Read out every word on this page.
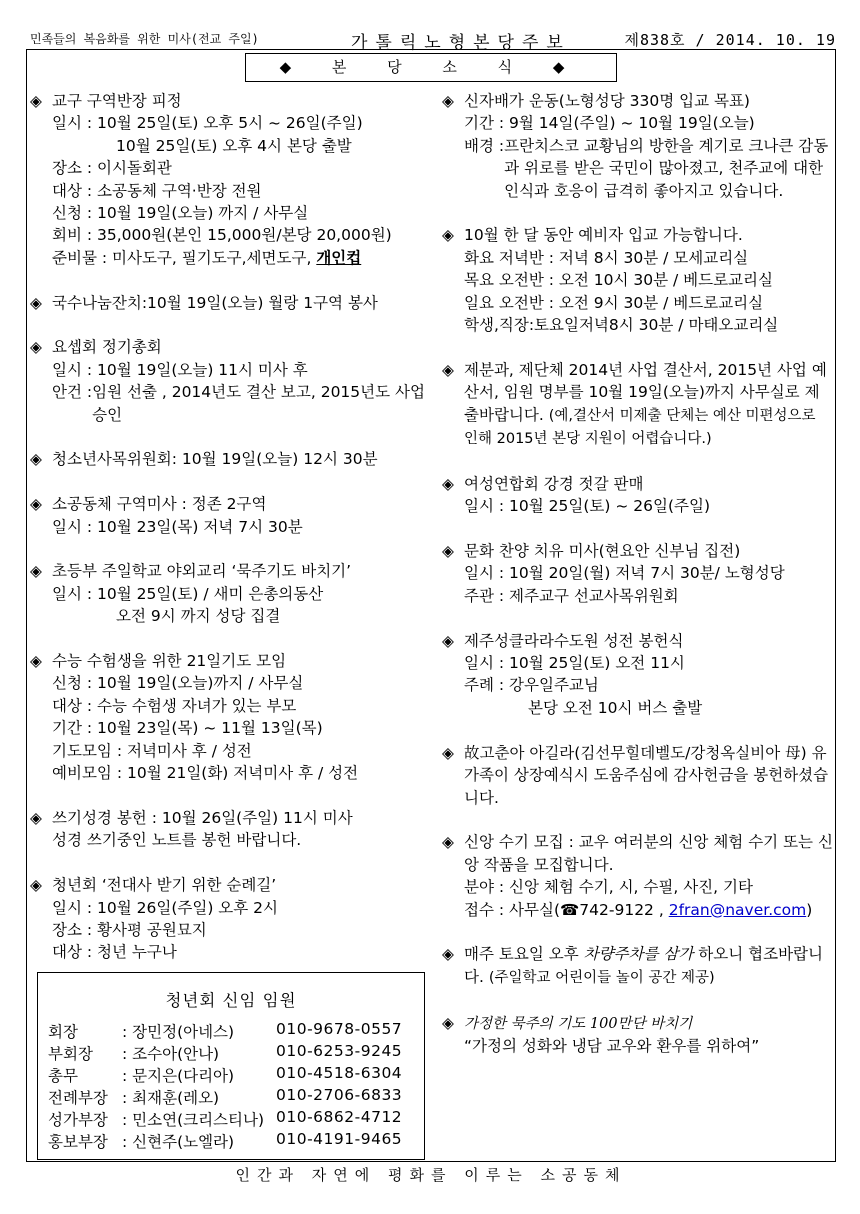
민족들의 복음화를 위한 미사(전교 주일)	가톨릭노형본당주보	제838호 / 2014. 10. 19
◆ 본 당 소 식 ◆
◈ 교구 구역반장 피정
일시 : 10월 25일(토) 오후 5시 ~ 26일(주일)
10월 25일(토) 오후 4시 본당 출발
장소 : 이시돌회관
대상 : 소공동체 구역·반장 전원
신청 : 10월 19일(오늘) 까지 / 사무실
회비 : 35,000원(본인 15,000원/본당 20,000원)
준비물 : 미사도구, 필기도구,세면도구, 개인컵
◈ 국수나눔잔치:10월 19일(오늘) 월랑 1구역 봉사
◈ 요셉회 정기총회
일시 : 10월 19일(오늘) 11시 미사 후
안건 : 임원 선출 , 2014년도 결산 보고, 2015년도 사업 승인
◈ 청소년사목위원회: 10월 19일(오늘) 12시 30분
◈ 소공동체 구역미사 : 정존 2구역
일시 : 10월 23일(목) 저녁 7시 30분
◈ 초등부 주일학교 야외교리 ‘묵주기도 바치기’
일시 : 10월 25일(토) / 새미 은총의동산
오전 9시 까지 성당 집결
◈ 수능 수험생을 위한 21일기도 모임
신청 : 10월 19일(오늘)까지 / 사무실
대상 : 수능 수험생 자녀가 있는 부모
기간 : 10월 23일(목) ~ 11월 13일(목)
기도모임 : 저녁미사 후 / 성전
예비모임 : 10월 21일(화) 저녁미사 후 / 성전
◈ 쓰기성경 봉헌 : 10월 26일(주일) 11시 미사
성경 쓰기중인 노트를 봉헌 바랍니다.
◈ 청년회 ‘전대사 받기 위한 순례길’
일시 : 10월 26일(주일) 오후 2시
장소 : 황사평 공원묘지
대상 : 청년 누구나
청년회 신임 임원
회장	: 장민정(아네스)	010-9678-0557
부회장 : 조수아(안나)	010-6253-9245
총무	: 문지은(다리아)	010-4518-6304
전례부장 : 최재훈(레오)	010-2706-6833
성가부장 : 민소연(크리스티나) 010-6862-4712
홍보부장 : 신현주(노엘라)	010-4191-9465
◈ 신자배가 운동(노형성당 330명 입교 목표)
기간 : 9월 14일(주일) ~ 10월 19일(오늘)
배경 : 프란치스코 교황님의 방한을 계기로 크나큰 감동과 위로를 받은 국민이 많아졌고, 천주교에 대한 인식과 호응이 급격히 좋아지고 있습니다.
◈ 10월 한 달 동안 예비자 입교 가능합니다.
화요 저녁반 : 저녁 8시 30분 / 모세교리실
목요 오전반 : 오전 10시 30분 / 베드로교리실
일요 오전반 : 오전 9시 30분 / 베드로교리실
학생,직장:토요일저녁8시 30분 / 마태오교리실
◈ 제분과, 제단체 2014년 사업 결산서, 2015년 사업 예산서, 임원 명부를 10월 19일(오늘)까지 사무실로 제출바랍니다. (예,결산서 미제출 단체는 예산 미편성으로 인해 2015년 본당 지원이 어렵습니다.)
◈ 여성연합회 강경 젓갈 판매
일시 : 10월 25일(토) ~ 26일(주일)
◈ 문화 찬양 치유 미사(현요안 신부님 집전)
일시 : 10월 20일(월) 저녁 7시 30분/ 노형성당
주관 : 제주교구 선교사목위원회
◈ 제주성클라라수도원 성전 봉헌식
일시 : 10월 25일(토) 오전 11시
주례 : 강우일주교님
본당 오전 10시 버스 출발
◈ 故고춘아 아길라(김선무힐데벨도/강청옥실비아 母) 유가족이 상장예식시 도움주심에 감사헌금을 봉헌하셨습니다.
◈ 신앙 수기 모집 : 교우 여러분의 신앙 체험 수기 또는 신앙 작품을 모집합니다.
분야 : 신앙 체험 수기, 시, 수필, 사진, 기타
접수 : 사무실(☎742-9122 , 2fran@naver.com)
◈ 매주 토요일 오후 차량주차를 삼가 하오니 협조바랍니다. (주일학교 어린이들 놀이 공간 제공)
◈ 가정한 묵주의 기도 100만단 바치기
“가정의 성화와 냉담 교우와 환우를 위하여”
인간과 자연에 평화를 이루는 소공동체
